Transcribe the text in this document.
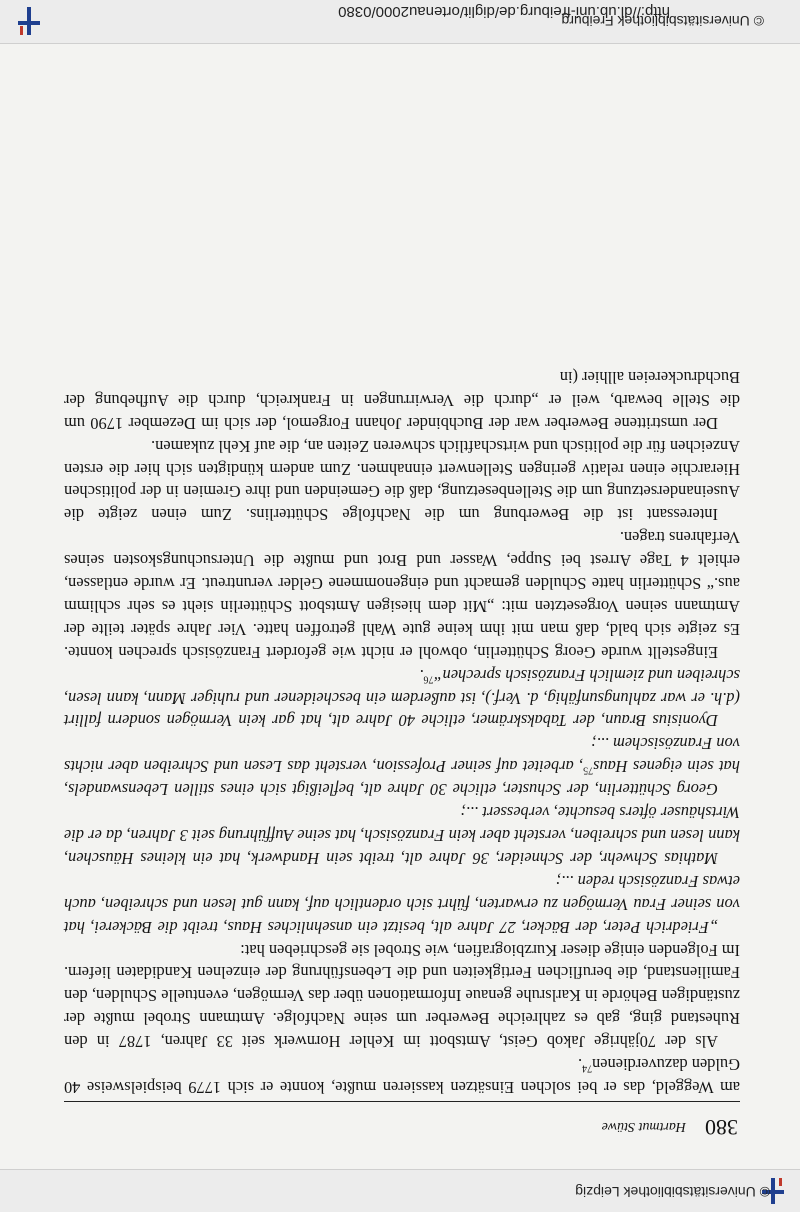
© Universitätsbibliothek Leipzig
380
Hartmut Stüwe

am Weggeld, das er bei solchen Einsätzen kassieren mußte, konnte er sich 1779 beispielsweise 40 Gulden dazuverdienen$^{74}$.

Als der 70jährige Jakob Geist, Amtsbott im Kehler Hornwerk seit 33 Jahren, 1787 in den Ruhestand ging, gab es zahlreiche Bewerber um seine Nachfolge. Amtmann Strobel mußte der zuständigen Behörde in Karlsruhe genaue Informationen über das Vermögen, eventuelle Schulden, den Familienstand, die beruflichen Fertigkeiten und die Lebensführung der einzelnen Kandidaten liefern. Im Folgenden einige dieser Kurzbiografien, wie Strobel sie geschrieben hat:

„Friedrich Peter, der Bäcker, 27 Jahre alt, besitzt ein ansehnliches Haus, treibt die Bäckerei, hat von seiner Frau Vermögen zu erwarten, führt sich ordentlich auf, kann gut lesen und schreiben, auch etwas Französisch reden ...;

Mathias Schwehr, der Schneider, 36 Jahre alt, treibt sein Handwerk, hat ein kleines Häuschen, kann lesen und schreiben, versteht aber kein Französisch, hat seine Aufführung seit 3 Jahren, da er die Wirtshäuser öfters besuchte, verbessert ...;

Georg Schütterlin, der Schuster, etliche 30 Jahre alt, befleißigt sich eines stillen Lebenswandels, hat sein eigenes Haus$^{75}$, arbeitet auf seiner Profession, versteht das Lesen und Schreiben aber nichts von Französischem ...;

Dyonisius Braun, der Tabakskrämer, etliche 40 Jahre alt, hat gar kein Vermögen sondern fallirt (d.h. er war zahlungsunfähig, d. Verf.), ist außerdem ein bescheidener und ruhiger Mann, kann lesen, schreiben und ziemlich Französisch sprechen“$^{76}$.

Eingestellt wurde Georg Schütterlin, obwohl er nicht wie gefordert Französisch sprechen konnte. Es zeigte sich bald, daß man mit ihm keine gute Wahl getroffen hatte. Vier Jahre später teilte der Amtmann seinen Vorgesetzten mit: „Mit dem hiesigen Amtsbott Schütterlin sieht es sehr schlimm aus.“ Schütterlin hatte Schulden gemacht und eingenommene Gelder veruntreut. Er wurde entlassen, erhielt 4 Tage Arrest bei Suppe, Wasser und Brot und mußte die Untersuchungskosten seines Verfahrens tragen.

Interessant ist die Bewerbung um die Nachfolge Schütterlins. Zum einen zeigte die Auseinandersetzung um die Stellenbesetzung, daß die Gemeinden und ihre Gremien in der politischen Hierarchie einen relativ geringen Stellenwert einnahmen. Zum andern kündigten sich hier die ersten Anzeichen für die politisch und wirtschaftlich schweren Zeiten an, die auf Kehl zukamen.

Der umstrittene Bewerber war der Buchbinder Johann Forgemol, der sich im Dezember 1790 um die Stelle bewarb, weil er „durch die Verwirrungen in Frankreich, durch die Aufhebung der Buchdruckereien allhier (in

© Universitätsbibliothek Freiburg
http://dl.ub.uni-freiburg.de/diglit/ortenau2000/0380
